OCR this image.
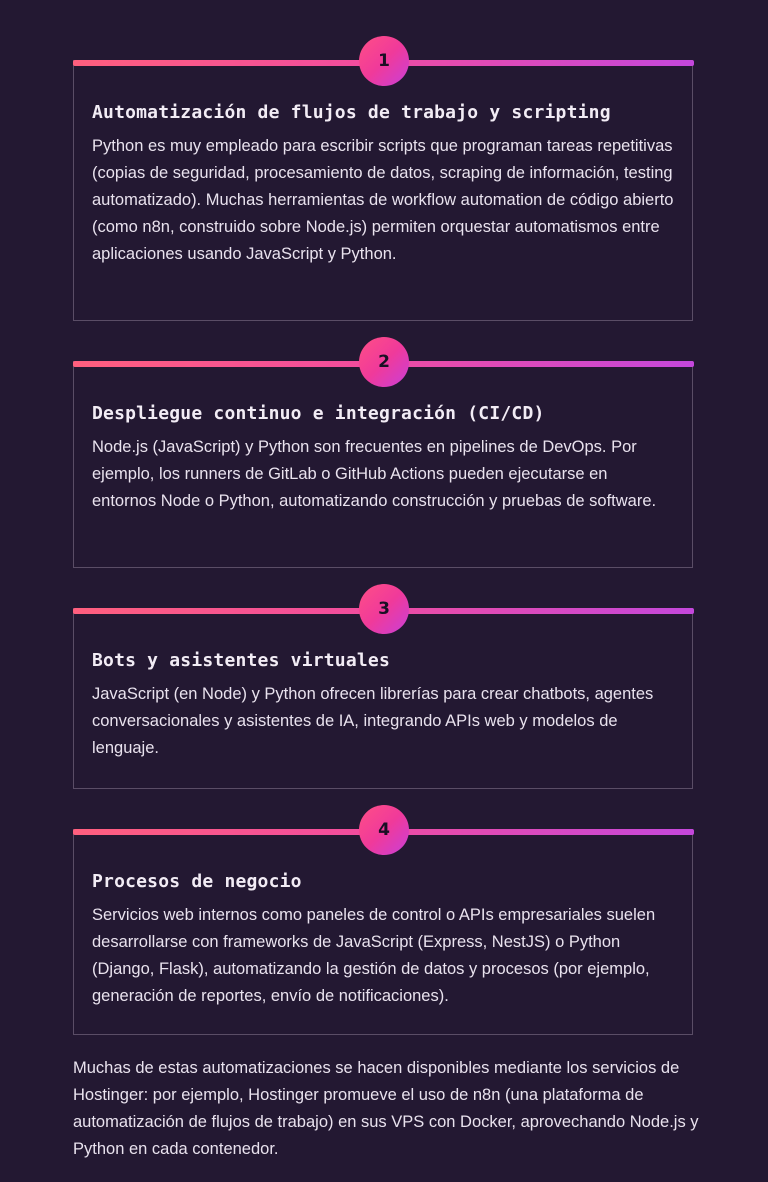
1
Automatización de flujos de trabajo y scripting

Python es muy empleado para escribir scripts que programan tareas repetitivas (copias de seguridad, procesamiento de datos, scraping de información, testing automatizado). Muchas herramientas de workflow automation de código abierto (como n8n, construido sobre Node.js) permiten orquestar automatismos entre aplicaciones usando JavaScript y Python.

2
Despliegue continuo e integración (CI/CD)

Node.js (JavaScript) y Python son frecuentes en pipelines de DevOps. Por ejemplo, los runners de GitLab o GitHub Actions pueden ejecutarse en entornos Node o Python, automatizando construcción y pruebas de software.

3
Bots y asistentes virtuales

JavaScript (en Node) y Python ofrecen librerías para crear chatbots, agentes conversacionales y asistentes de IA, integrando APIs web y modelos de lenguaje.

4
Procesos de negocio

Servicios web internos como paneles de control o APIs empresariales suelen desarrollarse con frameworks de JavaScript (Express, NestJS) o Python (Django, Flask), automatizando la gestión de datos y procesos (por ejemplo, generación de reportes, envío de notificaciones).

Muchas de estas automatizaciones se hacen disponibles mediante los servicios de Hostinger: por ejemplo, Hostinger promueve el uso de n8n (una plataforma de automatización de flujos de trabajo) en sus VPS con Docker, aprovechando Node.js y Python en cada contenedor.
